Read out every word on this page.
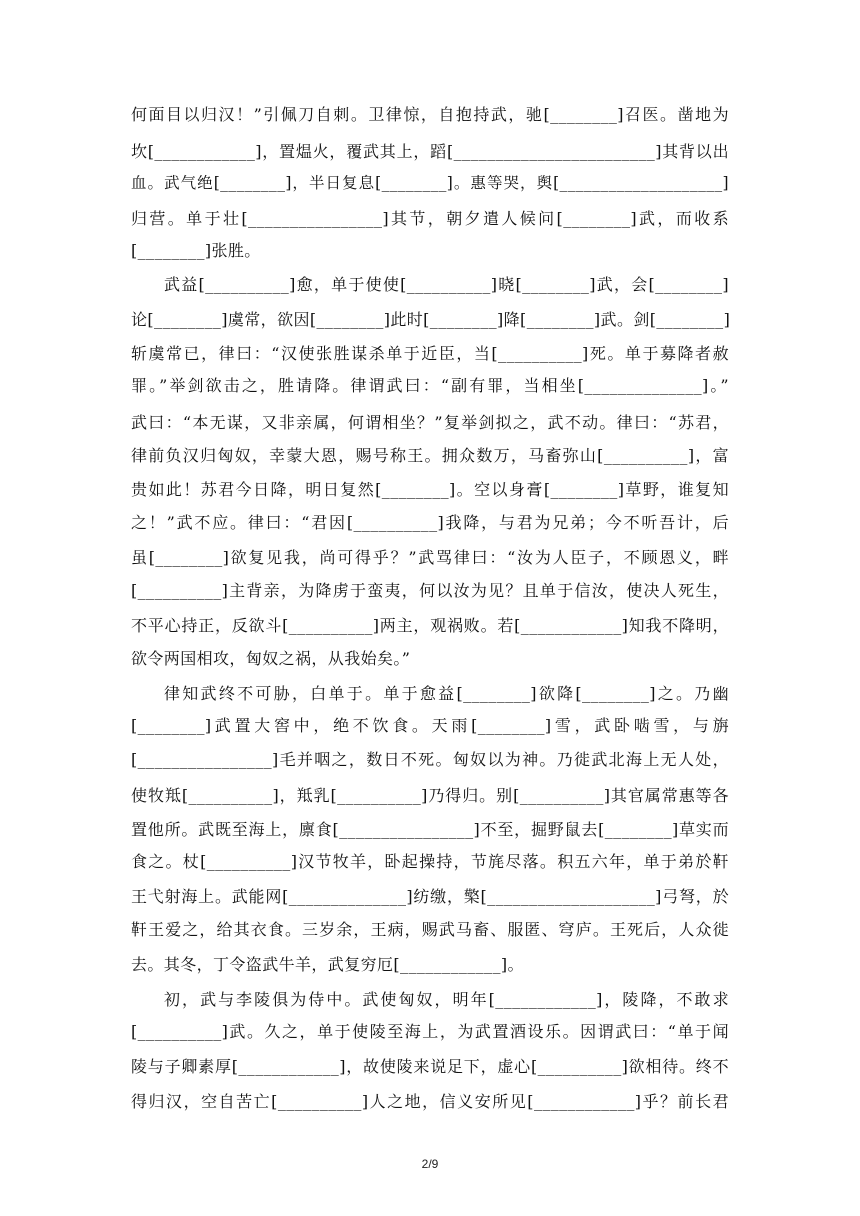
何面目以归汉！”引佩刀自刺。卫律惊，自抱持武，驰[________]召医。凿地为
坎[____________]，置煴火，覆武其上，蹈[________________________]其背以出
血。武气绝[________]，半日复息[________]。惠等哭，舆[____________________]
归营。单于壮[________________]其节，朝夕遣人候问[________]武，而收系
[________]张胜。
武益[__________]愈，单于使使[__________]晓[________]武，会[________]
论[________]虞常，欲因[________]此时[________]降[________]武。剑[________]
斩虞常已，律曰：“汉使张胜谋杀单于近臣，当[__________]死。单于募降者赦
罪。”举剑欲击之，胜请降。律谓武曰：“副有罪，当相坐[______________]。”
武曰：“本无谋，又非亲属，何谓相坐？”复举剑拟之，武不动。律曰：“苏君，
律前负汉归匈奴，幸蒙大恩，赐号称王。拥众数万，马畜弥山[__________]，富
贵如此！苏君今日降，明日复然[________]。空以身膏[________]草野，谁复知
之！”武不应。律曰：“君因[__________]我降，与君为兄弟；今不听吾计，后
虽[________]欲复见我，尚可得乎？”武骂律曰：“汝为人臣子，不顾恩义，畔
[__________]主背亲，为降虏于蛮夷，何以汝为见？且单于信汝，使决人死生，
不平心持正，反欲斗[__________]两主，观祸败。若[____________]知我不降明，
欲令两国相攻，匈奴之祸，从我始矣。”
律知武终不可胁，白单于。单于愈益[________]欲降[________]之。乃幽
[________]武置大窖中，绝不饮食。天雨[________]雪，武卧啮雪，与旃
[________________]毛并咽之，数日不死。匈奴以为神。乃徙武北海上无人处，
使牧羝[__________]，羝乳[__________]乃得归。别[__________]其官属常惠等各
置他所。武既至海上，廪食[________________]不至，掘野鼠去[________]草实而
食之。杖[__________]汉节牧羊，卧起操持，节旄尽落。积五六年，单于弟於靬
王弋射海上。武能网[______________]纺缴，檠[____________________]弓弩，於
靬王爱之，给其衣食。三岁余，王病，赐武马畜、服匿、穹庐。王死后，人众徙
去。其冬，丁令盗武牛羊，武复穷厄[____________]。
初，武与李陵俱为侍中。武使匈奴，明年[____________]，陵降，不敢求
[__________]武。久之，单于使陵至海上，为武置酒设乐。因谓武曰：“单于闻
陵与子卿素厚[____________]，故使陵来说足下，虚心[__________]欲相待。终不
得归汉，空自苦亡[__________]人之地，信义安所见[____________]乎？前长君
2/9
